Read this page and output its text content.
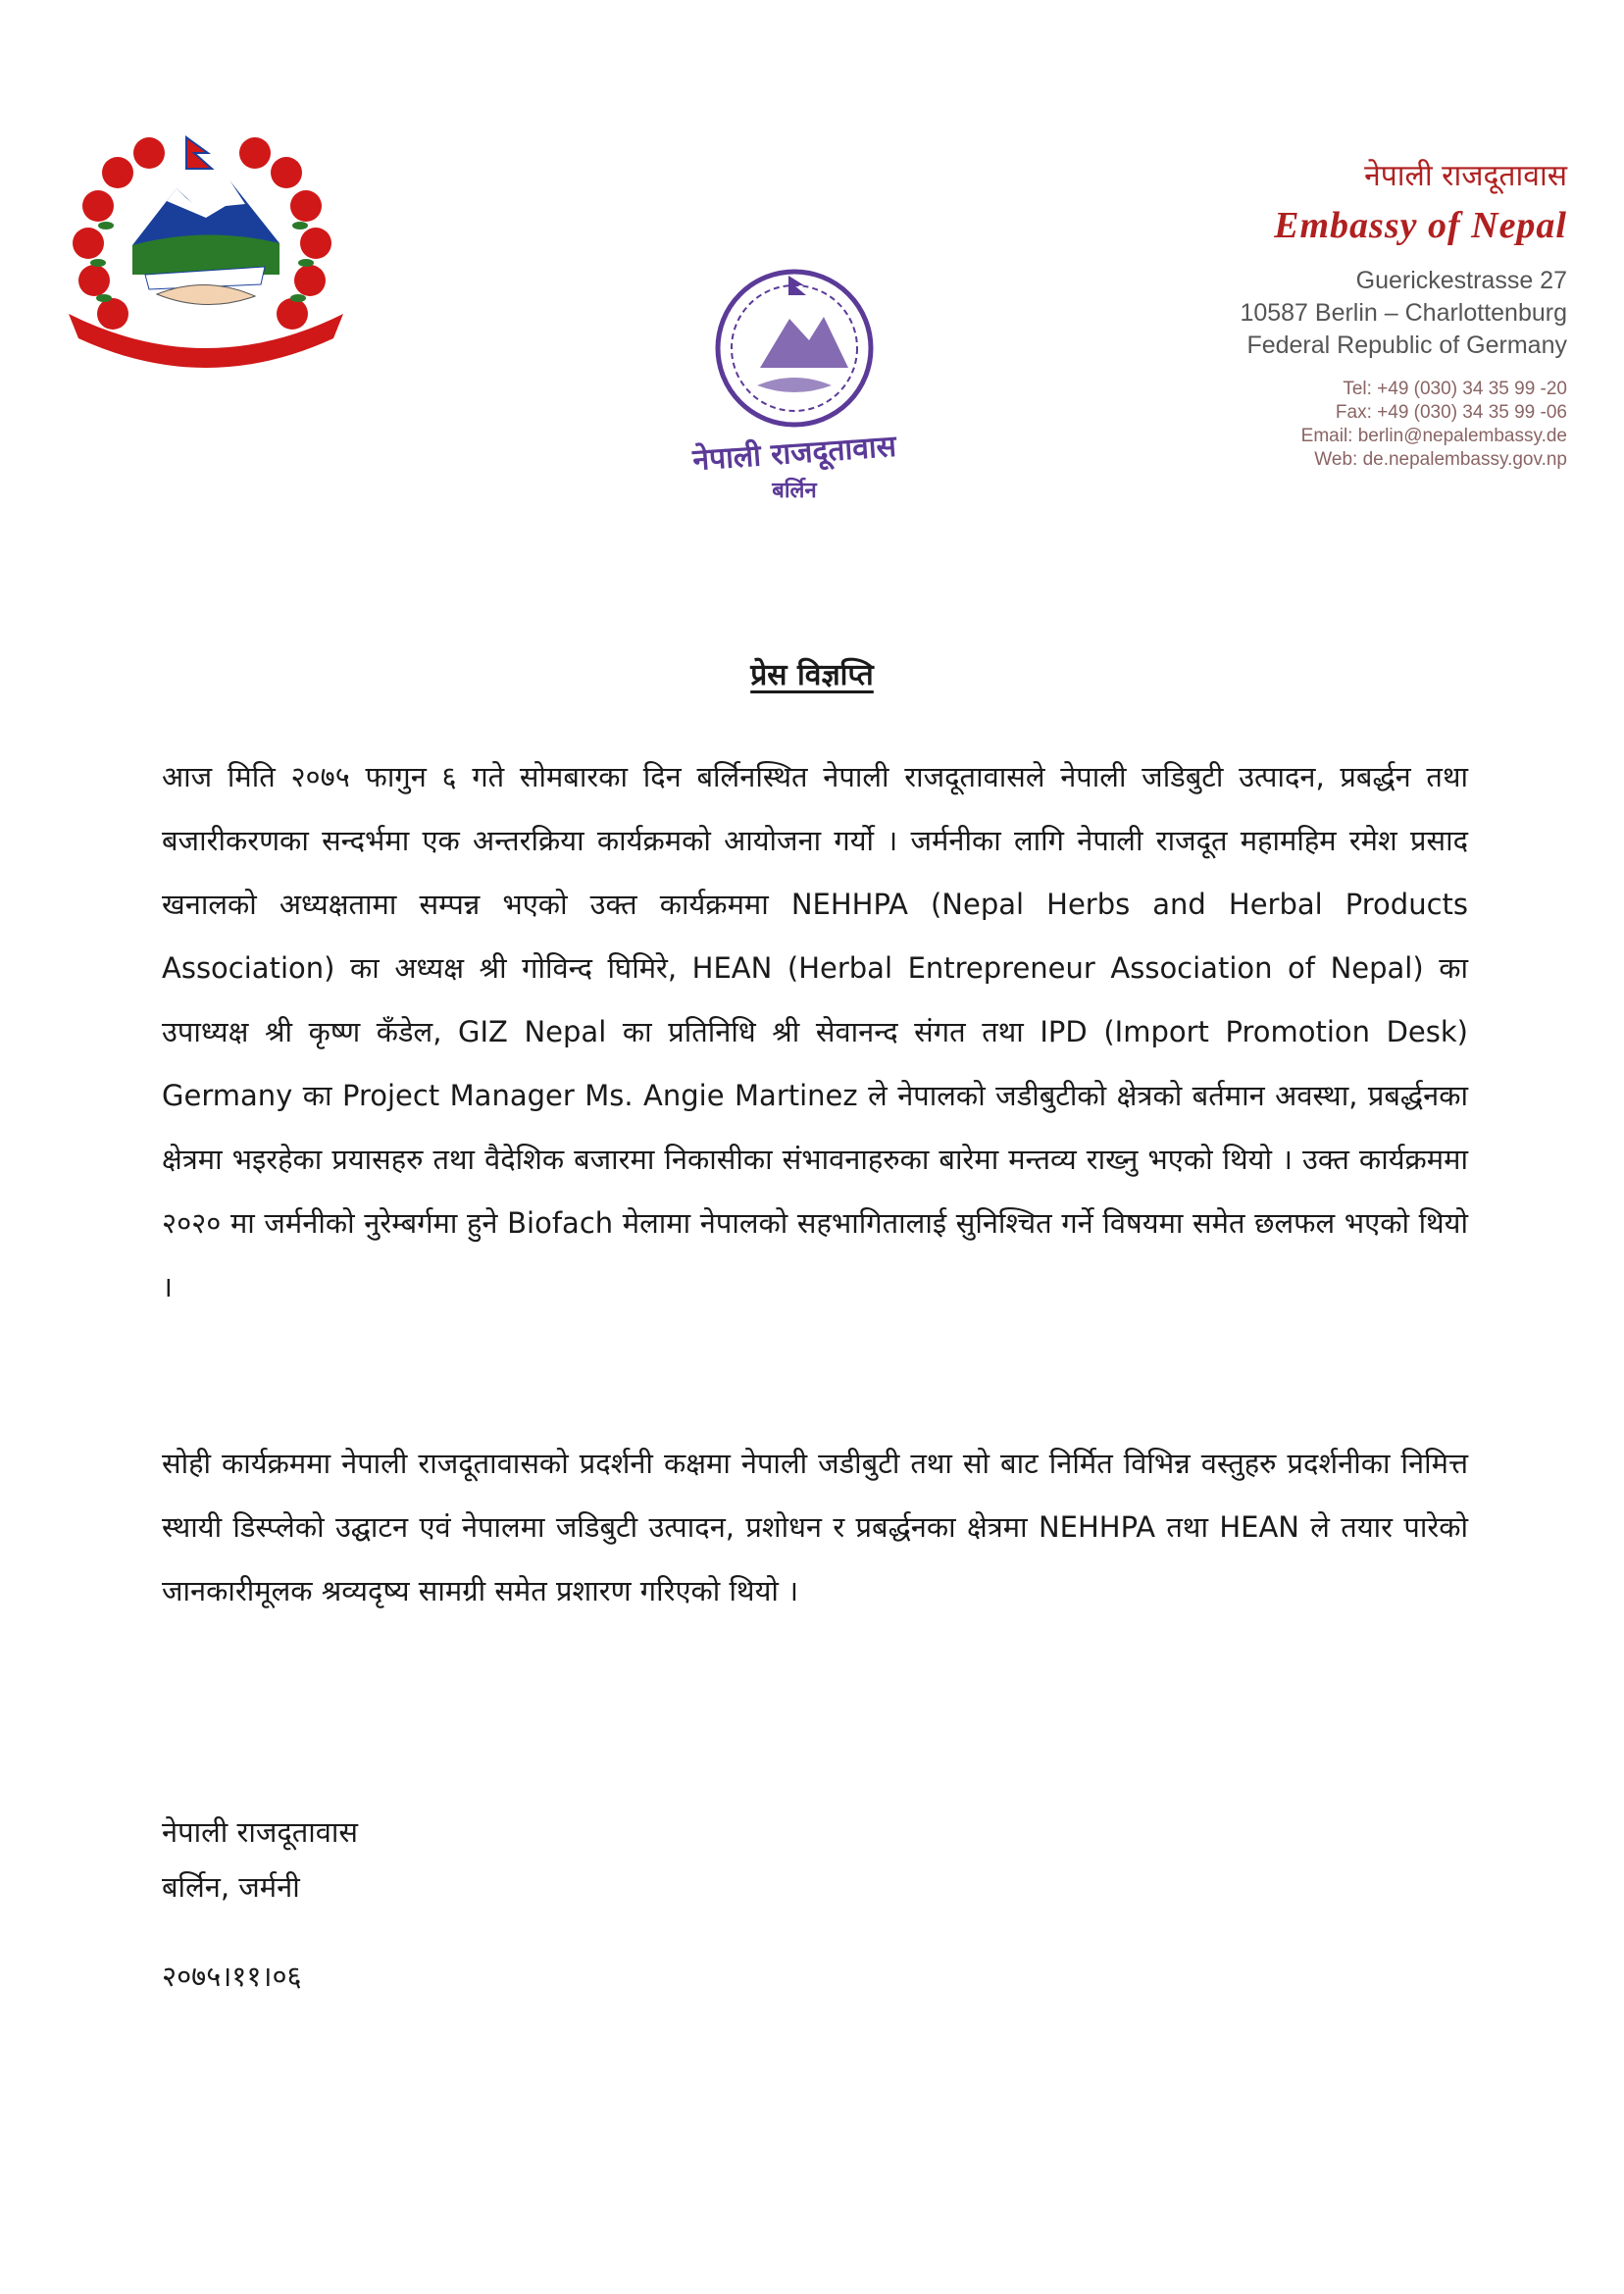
नेपाली राजदूतावास
बर्लिन
नेपाली राजदूतावास
Embassy of Nepal
Guerickestrasse 27
10587 Berlin – Charlottenburg
Federal Republic of Germany
Tel: +49 (030) 34 35 99 -20
Fax: +49 (030) 34 35 99 -06
Email: berlin@nepalembassy.de
Web: de.nepalembassy.gov.np
प्रेस विज्ञप्ति

आज मिति २०७५ फागुन ६ गते सोमबारका दिन बर्लिनस्थित नेपाली राजदूतावासले नेपाली जडिबुटी उत्पादन, प्रबर्द्धन तथा बजारीकरणका सन्दर्भमा एक अन्तरक्रिया कार्यक्रमको आयोजना गर्यो । जर्मनीका लागि नेपाली राजदूत महामहिम रमेश प्रसाद खनालको अध्यक्षतामा सम्पन्न भएको उक्त कार्यक्रममा NEHHPA (Nepal Herbs and Herbal Products Association) का अध्यक्ष श्री गोविन्द घिमिरे, HEAN (Herbal Entrepreneur Association of Nepal) का उपाध्यक्ष श्री कृष्ण कँडेल, GIZ Nepal का प्रतिनिधि श्री सेवानन्द संगत तथा IPD (Import Promotion Desk) Germany का Project Manager Ms. Angie Martinez ले नेपालको जडीबुटीको क्षेत्रको बर्तमान अवस्था, प्रबर्द्धनका क्षेत्रमा भइरहेका प्रयासहरु तथा वैदेशिक बजारमा निकासीका संभावनाहरुका बारेमा मन्तव्य राख्नु भएको थियो । उक्त कार्यक्रममा २०२० मा जर्मनीको नुरेम्बर्गमा हुने Biofach मेलामा नेपालको सहभागितालाई सुनिश्चित गर्ने विषयमा समेत छलफल भएको थियो ।

सोही कार्यक्रममा नेपाली राजदूतावासको प्रदर्शनी कक्षमा नेपाली जडीबुटी तथा सो बाट निर्मित विभिन्न वस्तुहरु प्रदर्शनीका निमित्त स्थायी डिस्प्लेको उद्घाटन एवं नेपालमा जडिबुटी उत्पादन, प्रशोधन र प्रबर्द्धनका क्षेत्रमा NEHHPA तथा HEAN ले तयार पारेको जानकारीमूलक श्रव्यदृष्य सामग्री समेत प्रशारण गरिएको थियो ।

नेपाली राजदूतावास
बर्लिन, जर्मनी
२०७५।११।०६
